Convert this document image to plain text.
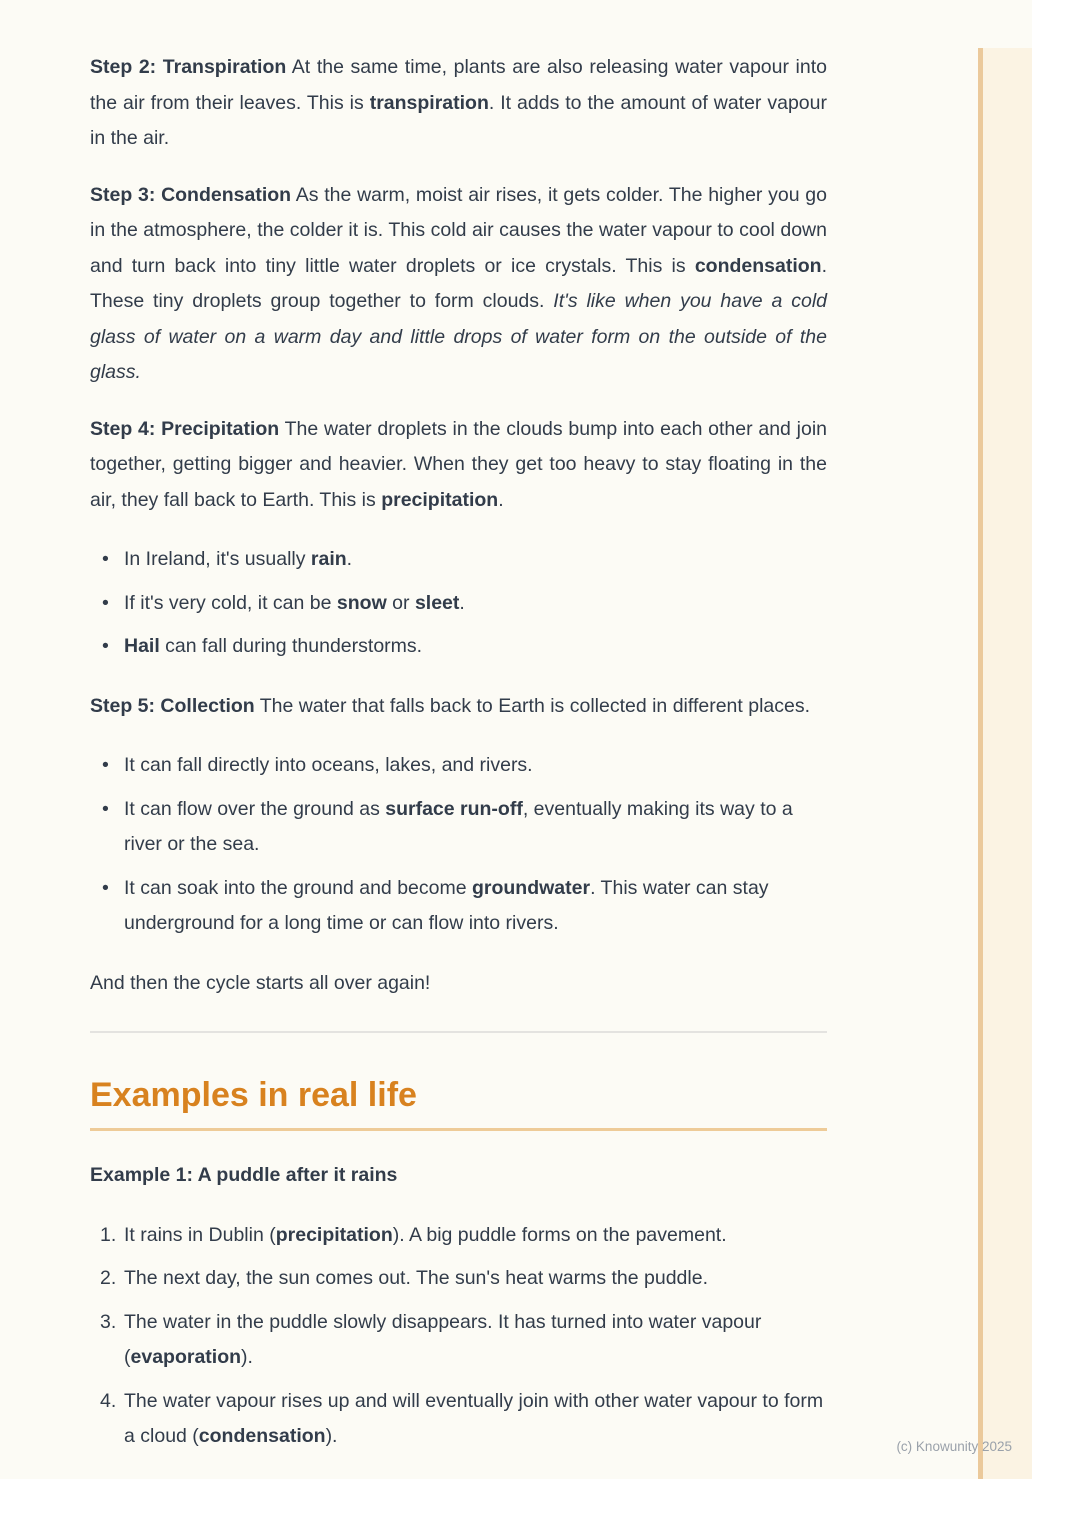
Step 2: Transpiration At the same time, plants are also releasing water vapour into the air from their leaves. This is transpiration. It adds to the amount of water vapour in the air.

Step 3: Condensation As the warm, moist air rises, it gets colder. The higher you go in the atmosphere, the colder it is. This cold air causes the water vapour to cool down and turn back into tiny little water droplets or ice crystals. This is condensation. These tiny droplets group together to form clouds. It's like when you have a cold glass of water on a warm day and little drops of water form on the outside of the glass.

Step 4: Precipitation The water droplets in the clouds bump into each other and join together, getting bigger and heavier. When they get too heavy to stay floating in the air, they fall back to Earth. This is precipitation.

• In Ireland, it's usually rain.
• If it's very cold, it can be snow or sleet.
• Hail can fall during thunderstorms.

Step 5: Collection The water that falls back to Earth is collected in different places.

• It can fall directly into oceans, lakes, and rivers.
• It can flow over the ground as surface run-off, eventually making its way to a river or the sea.
• It can soak into the ground and become groundwater. This water can stay underground for a long time or can flow into rivers.

And then the cycle starts all over again!

Examples in real life

Example 1: A puddle after it rains

It rains in Dublin (precipitation). A big puddle forms on the pavement.
The next day, the sun comes out. The sun's heat warms the puddle.
The water in the puddle slowly disappears. It has turned into water vapour (evaporation).
The water vapour rises up and will eventually join with other water vapour to form a cloud (condensation).	(c) Knowunity 2025
